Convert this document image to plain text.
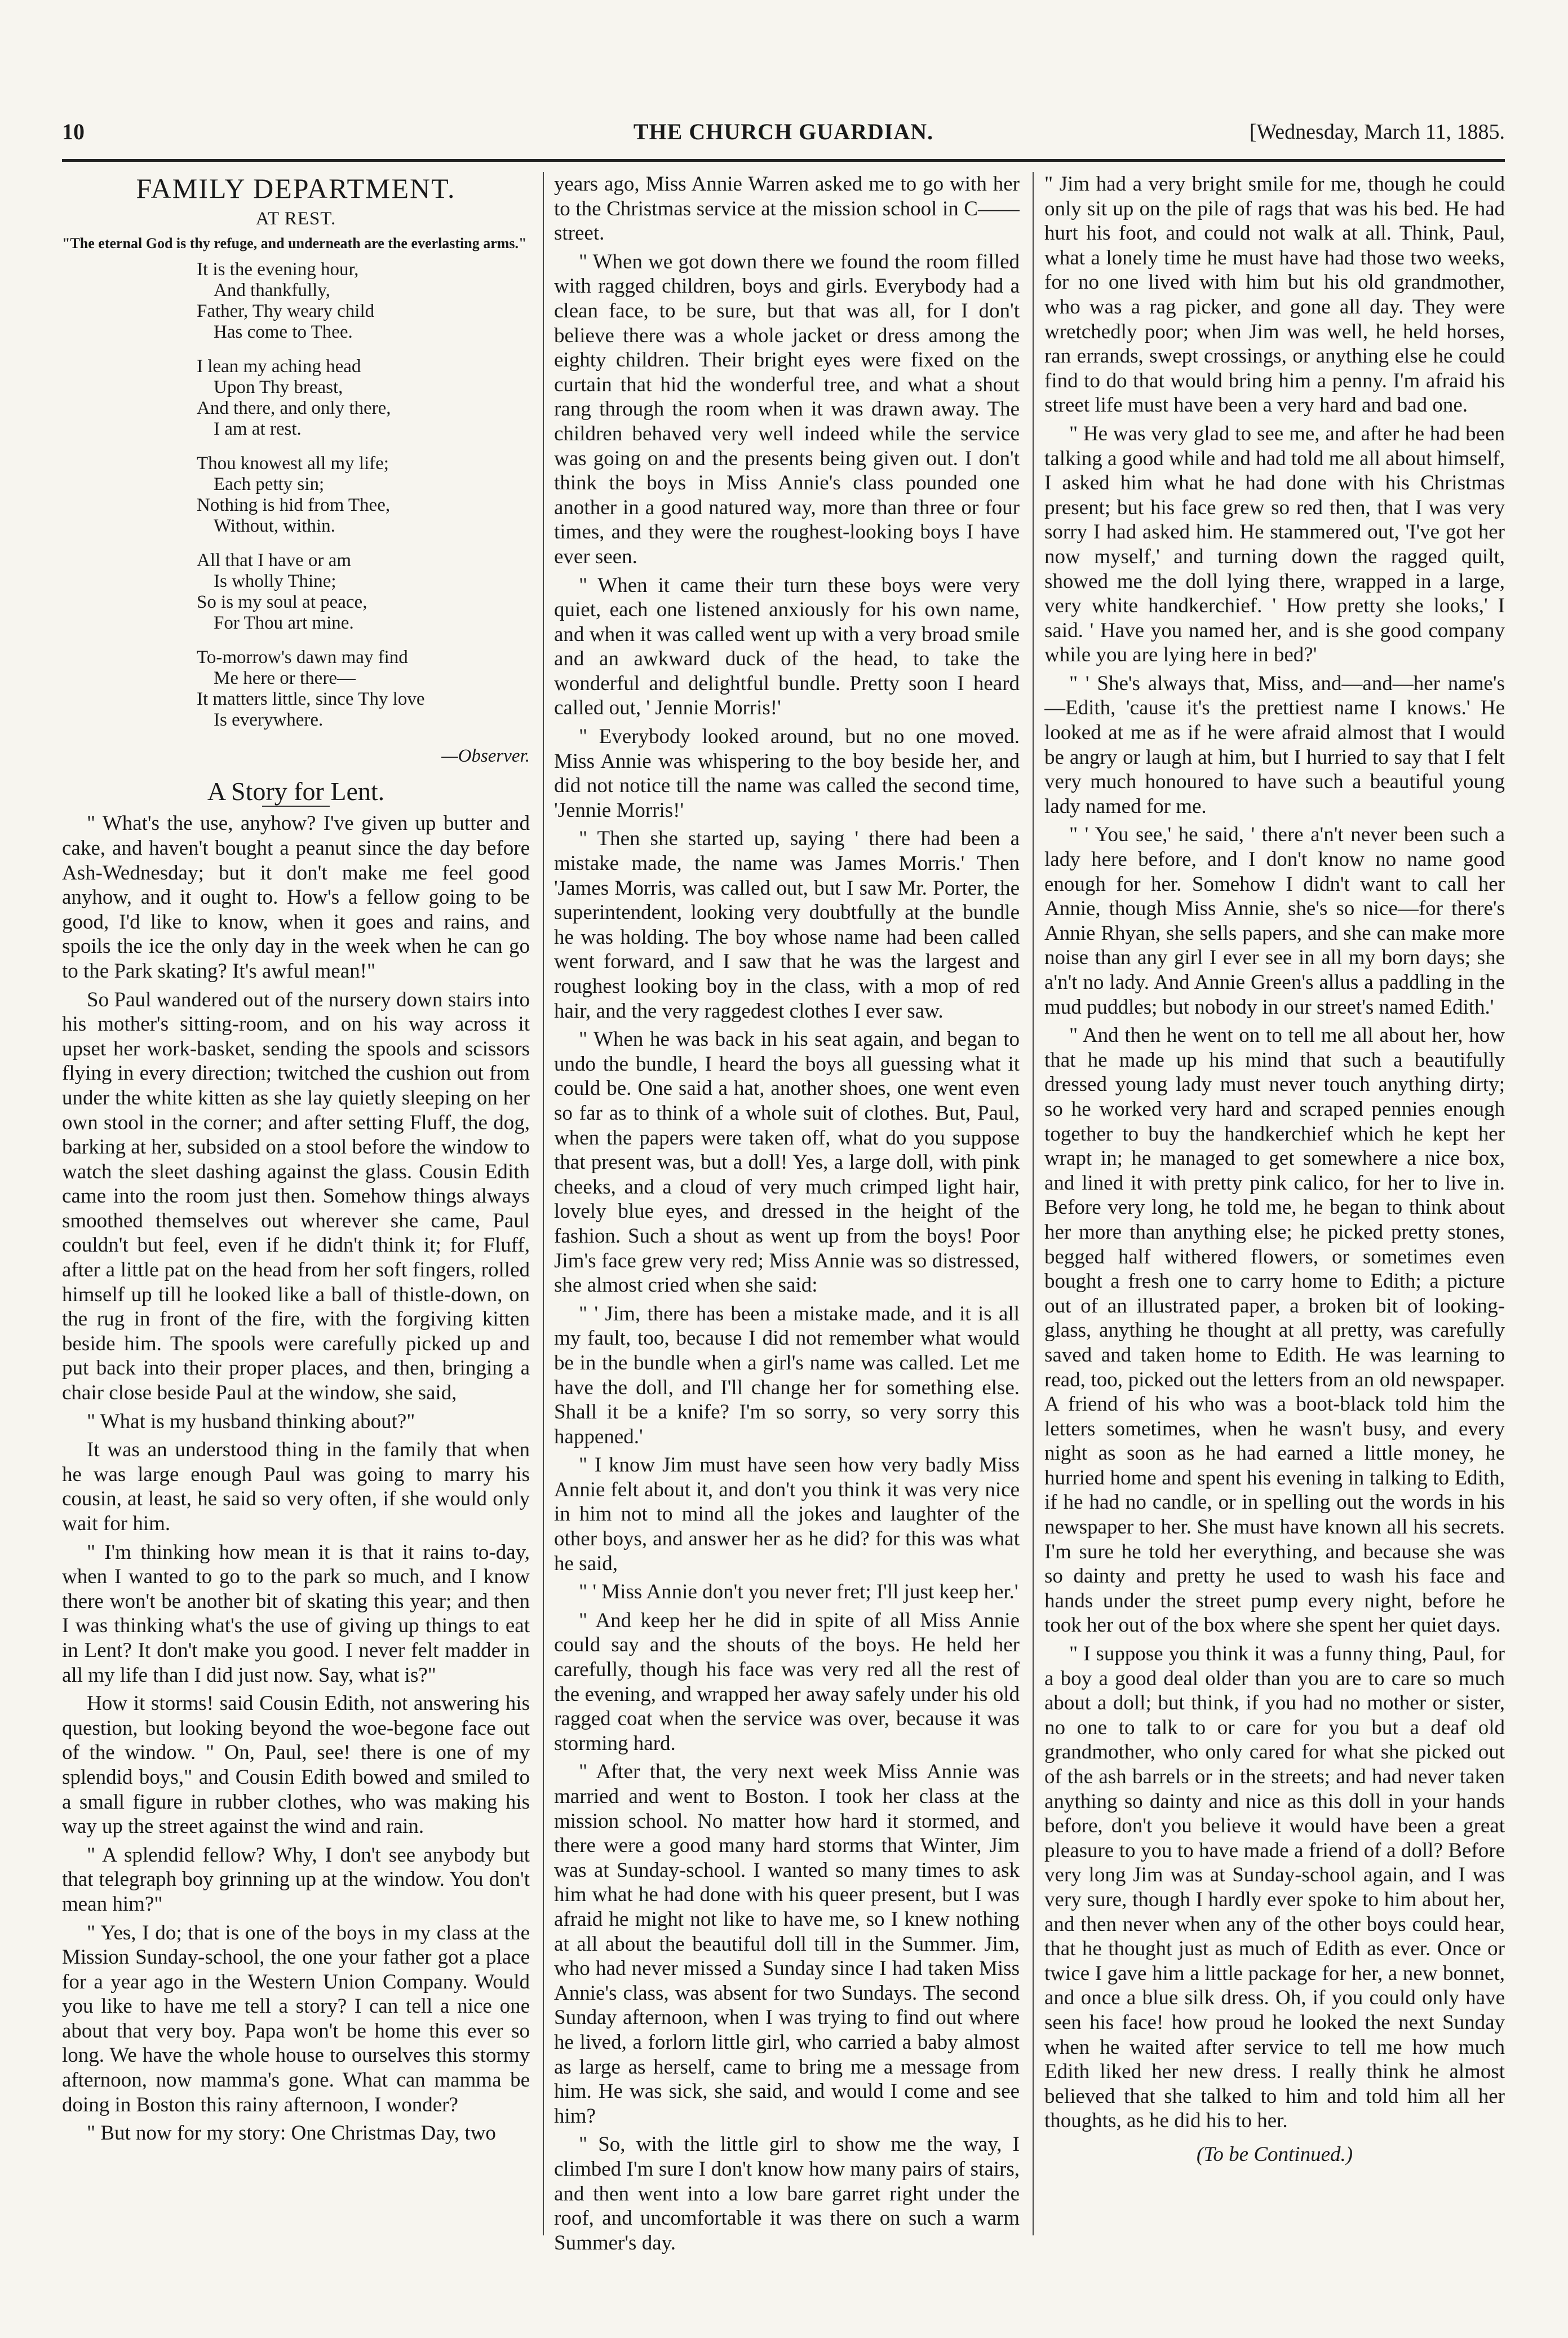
10	THE CHURCH GUARDIAN.	[Wednesday, March 11, 1885.
FAMILY DEPARTMENT.
AT REST.
"The eternal God is thy refuge, and underneath are the everlasting arms."

It is the evening hour,

And thankfully,

Father, Thy weary child

Has come to Thee.

I lean my aching head

Upon Thy breast,

And there, and only there,

I am at rest.

Thou knowest all my life;

Each petty sin;

Nothing is hid from Thee,

Without, within.

All that I have or am

Is wholly Thine;

So is my soul at peace,

For Thou art mine.

To-morrow's dawn may find

Me here or there—

It matters little, since Thy love

Is everywhere.

—Observer.
A Story for Lent.

" What's the use, anyhow? I've given up butter and cake, and haven't bought a peanut since the day before Ash-Wednesday; but it don't make me feel good anyhow, and it ought to. How's a fellow going to be good, I'd like to know, when it goes and rains, and spoils the ice the only day in the week when he can go to the Park skating? It's awful mean!"

So Paul wandered out of the nursery down stairs into his mother's sitting-room, and on his way across it upset her work-basket, sending the spools and scissors flying in every direction; twitched the cushion out from under the white kitten as she lay quietly sleeping on her own stool in the corner; and after setting Fluff, the dog, barking at her, subsided on a stool before the window to watch the sleet dashing against the glass. Cousin Edith came into the room just then. Somehow things always smoothed themselves out wherever she came, Paul couldn't but feel, even if he didn't think it; for Fluff, after a little pat on the head from her soft fingers, rolled himself up till he looked like a ball of thistle-down, on the rug in front of the fire, with the forgiving kitten beside him. The spools were carefully picked up and put back into their proper places, and then, bringing a chair close beside Paul at the window, she said,

" What is my husband thinking about?"

It was an understood thing in the family that when he was large enough Paul was going to marry his cousin, at least, he said so very often, if she would only wait for him.

" I'm thinking how mean it is that it rains to-day, when I wanted to go to the park so much, and I know there won't be another bit of skating this year; and then I was thinking what's the use of giving up things to eat in Lent? It don't make you good. I never felt madder in all my life than I did just now. Say, what is?"

How it storms! said Cousin Edith, not answering his question, but looking beyond the woe-begone face out of the window. " On, Paul, see! there is one of my splendid boys," and Cousin Edith bowed and smiled to a small figure in rubber clothes, who was making his way up the street against the wind and rain.

" A splendid fellow? Why, I don't see anybody but that telegraph boy grinning up at the window. You don't mean him?"

" Yes, I do; that is one of the boys in my class at the Mission Sunday-school, the one your father got a place for a year ago in the Western Union Company. Would you like to have me tell a story? I can tell a nice one about that very boy. Papa won't be home this ever so long. We have the whole house to ourselves this stormy afternoon, now mamma's gone. What can mamma be doing in Boston this rainy afternoon, I wonder?

" But now for my story: One Christmas Day, two

years ago, Miss Annie Warren asked me to go with her to the Christmas service at the mission school in C—— street.

" When we got down there we found the room filled with ragged children, boys and girls. Everybody had a clean face, to be sure, but that was all, for I don't believe there was a whole jacket or dress among the eighty children. Their bright eyes were fixed on the curtain that hid the wonderful tree, and what a shout rang through the room when it was drawn away. The children behaved very well indeed while the service was going on and the presents being given out. I don't think the boys in Miss Annie's class pounded one another in a good natured way, more than three or four times, and they were the roughest-looking boys I have ever seen.

" When it came their turn these boys were very quiet, each one listened anxiously for his own name, and when it was called went up with a very broad smile and an awkward duck of the head, to take the wonderful and delightful bundle. Pretty soon I heard called out, ' Jennie Morris!'

" Everybody looked around, but no one moved. Miss Annie was whispering to the boy beside her, and did not notice till the name was called the second time, 'Jennie Morris!'

" Then she started up, saying ' there had been a mistake made, the name was James Morris.' Then 'James Morris, was called out, but I saw Mr. Porter, the superintendent, looking very doubtfully at the bundle he was holding. The boy whose name had been called went forward, and I saw that he was the largest and roughest looking boy in the class, with a mop of red hair, and the very raggedest clothes I ever saw.

" When he was back in his seat again, and began to undo the bundle, I heard the boys all guessing what it could be. One said a hat, another shoes, one went even so far as to think of a whole suit of clothes. But, Paul, when the papers were taken off, what do you suppose that present was, but a doll! Yes, a large doll, with pink cheeks, and a cloud of very much crimped light hair, lovely blue eyes, and dressed in the height of the fashion. Such a shout as went up from the boys! Poor Jim's face grew very red; Miss Annie was so distressed, she almost cried when she said:

" ' Jim, there has been a mistake made, and it is all my fault, too, because I did not remember what would be in the bundle when a girl's name was called. Let me have the doll, and I'll change her for something else. Shall it be a knife? I'm so sorry, so very sorry this happened.'

" I know Jim must have seen how very badly Miss Annie felt about it, and don't you think it was very nice in him not to mind all the jokes and laughter of the other boys, and answer her as he did? for this was what he said,

" ' Miss Annie don't you never fret; I'll just keep her.'

" And keep her he did in spite of all Miss Annie could say and the shouts of the boys. He held her carefully, though his face was very red all the rest of the evening, and wrapped her away safely under his old ragged coat when the service was over, because it was storming hard.

" After that, the very next week Miss Annie was married and went to Boston. I took her class at the mission school. No matter how hard it stormed, and there were a good many hard storms that Winter, Jim was at Sunday-school. I wanted so many times to ask him what he had done with his queer present, but I was afraid he might not like to have me, so I knew nothing at all about the beautiful doll till in the Summer. Jim, who had never missed a Sunday since I had taken Miss Annie's class, was absent for two Sundays. The second Sunday afternoon, when I was trying to find out where he lived, a forlorn little girl, who carried a baby almost as large as herself, came to bring me a message from him. He was sick, she said, and would I come and see him?

" So, with the little girl to show me the way, I climbed I'm sure I don't know how many pairs of stairs, and then went into a low bare garret right under the roof, and uncomfortable it was there on such a warm Summer's day.

" Jim had a very bright smile for me, though he could only sit up on the pile of rags that was his bed. He had hurt his foot, and could not walk at all. Think, Paul, what a lonely time he must have had those two weeks, for no one lived with him but his old grandmother, who was a rag picker, and gone all day. They were wretchedly poor; when Jim was well, he held horses, ran errands, swept crossings, or anything else he could find to do that would bring him a penny. I'm afraid his street life must have been a very hard and bad one.

" He was very glad to see me, and after he had been talking a good while and had told me all about himself, I asked him what he had done with his Christmas present; but his face grew so red then, that I was very sorry I had asked him. He stammered out, 'I've got her now myself,' and turning down the ragged quilt, showed me the doll lying there, wrapped in a large, very white handkerchief. ' How pretty she looks,' I said. ' Have you named her, and is she good company while you are lying here in bed?'

" ' She's always that, Miss, and—and—her name's—Edith, 'cause it's the prettiest name I knows.' He looked at me as if he were afraid almost that I would be angry or laugh at him, but I hurried to say that I felt very much honoured to have such a beautiful young lady named for me.

" ' You see,' he said, ' there a'n't never been such a lady here before, and I don't know no name good enough for her. Somehow I didn't want to call her Annie, though Miss Annie, she's so nice—for there's Annie Rhyan, she sells papers, and she can make more noise than any girl I ever see in all my born days; she a'n't no lady. And Annie Green's allus a paddling in the mud puddles; but nobody in our street's named Edith.'

" And then he went on to tell me all about her, how that he made up his mind that such a beautifully dressed young lady must never touch anything dirty; so he worked very hard and scraped pennies enough together to buy the handkerchief which he kept her wrapt in; he managed to get somewhere a nice box, and lined it with pretty pink calico, for her to live in. Before very long, he told me, he began to think about her more than anything else; he picked pretty stones, begged half withered flowers, or sometimes even bought a fresh one to carry home to Edith; a picture out of an illustrated paper, a broken bit of looking-glass, anything he thought at all pretty, was carefully saved and taken home to Edith. He was learning to read, too, picked out the letters from an old newspaper. A friend of his who was a boot-black told him the letters sometimes, when he wasn't busy, and every night as soon as he had earned a little money, he hurried home and spent his evening in talking to Edith, if he had no candle, or in spelling out the words in his newspaper to her. She must have known all his secrets. I'm sure he told her everything, and because she was so dainty and pretty he used to wash his face and hands under the street pump every night, before he took her out of the box where she spent her quiet days.

" I suppose you think it was a funny thing, Paul, for a boy a good deal older than you are to care so much about a doll; but think, if you had no mother or sister, no one to talk to or care for you but a deaf old grandmother, who only cared for what she picked out of the ash barrels or in the streets; and had never taken anything so dainty and nice as this doll in your hands before, don't you believe it would have been a great pleasure to you to have made a friend of a doll? Before very long Jim was at Sunday-school again, and I was very sure, though I hardly ever spoke to him about her, and then never when any of the other boys could hear, that he thought just as much of Edith as ever. Once or twice I gave him a little package for her, a new bonnet, and once a blue silk dress. Oh, if you could only have seen his face! how proud he looked the next Sunday when he waited after service to tell me how much Edith liked her new dress. I really think he almost believed that she talked to him and told him all her thoughts, as he did his to her.

(To be Continued.)
